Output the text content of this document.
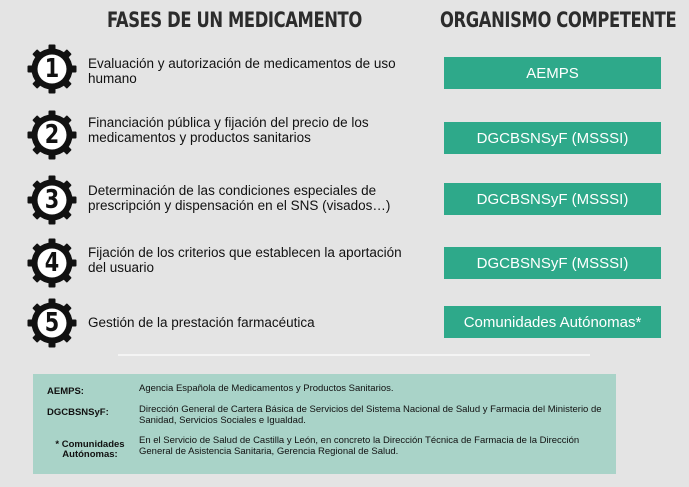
FASES DE UN MEDICAMENTO	ORGANISMO COMPETENTE
1	Evaluación y autorización de medicamentos de uso humano	AEMPS
2	Financiación pública y fijación del precio de los medicamentos y productos sanitarios	DGCBSNSyF (MSSSI)
3	Determinación de las condiciones especiales de prescripción y dispensación en el SNS (visados…)	DGCBSNSyF (MSSSI)
4	Fijación de los criterios que establecen la aportación del usuario	DGCBSNSyF (MSSSI)
5	Gestión de la prestación farmacéutica	Comunidades Autónomas*
AEMPS:	Agencia Española de Medicamentos y Productos Sanitarios.
DGCBSNSyF:	Dirección General de Cartera Básica de Servicios del Sistema Nacional de Salud y Farmacia del Ministerio de Sanidad, Servicios Sociales e Igualdad.
* Comunidades Autónomas:
En el Servicio de Salud de Castilla y León, en concreto la Dirección Técnica de Farmacia de la Dirección General de Asistencia Sanitaria, Gerencia Regional de Salud.
